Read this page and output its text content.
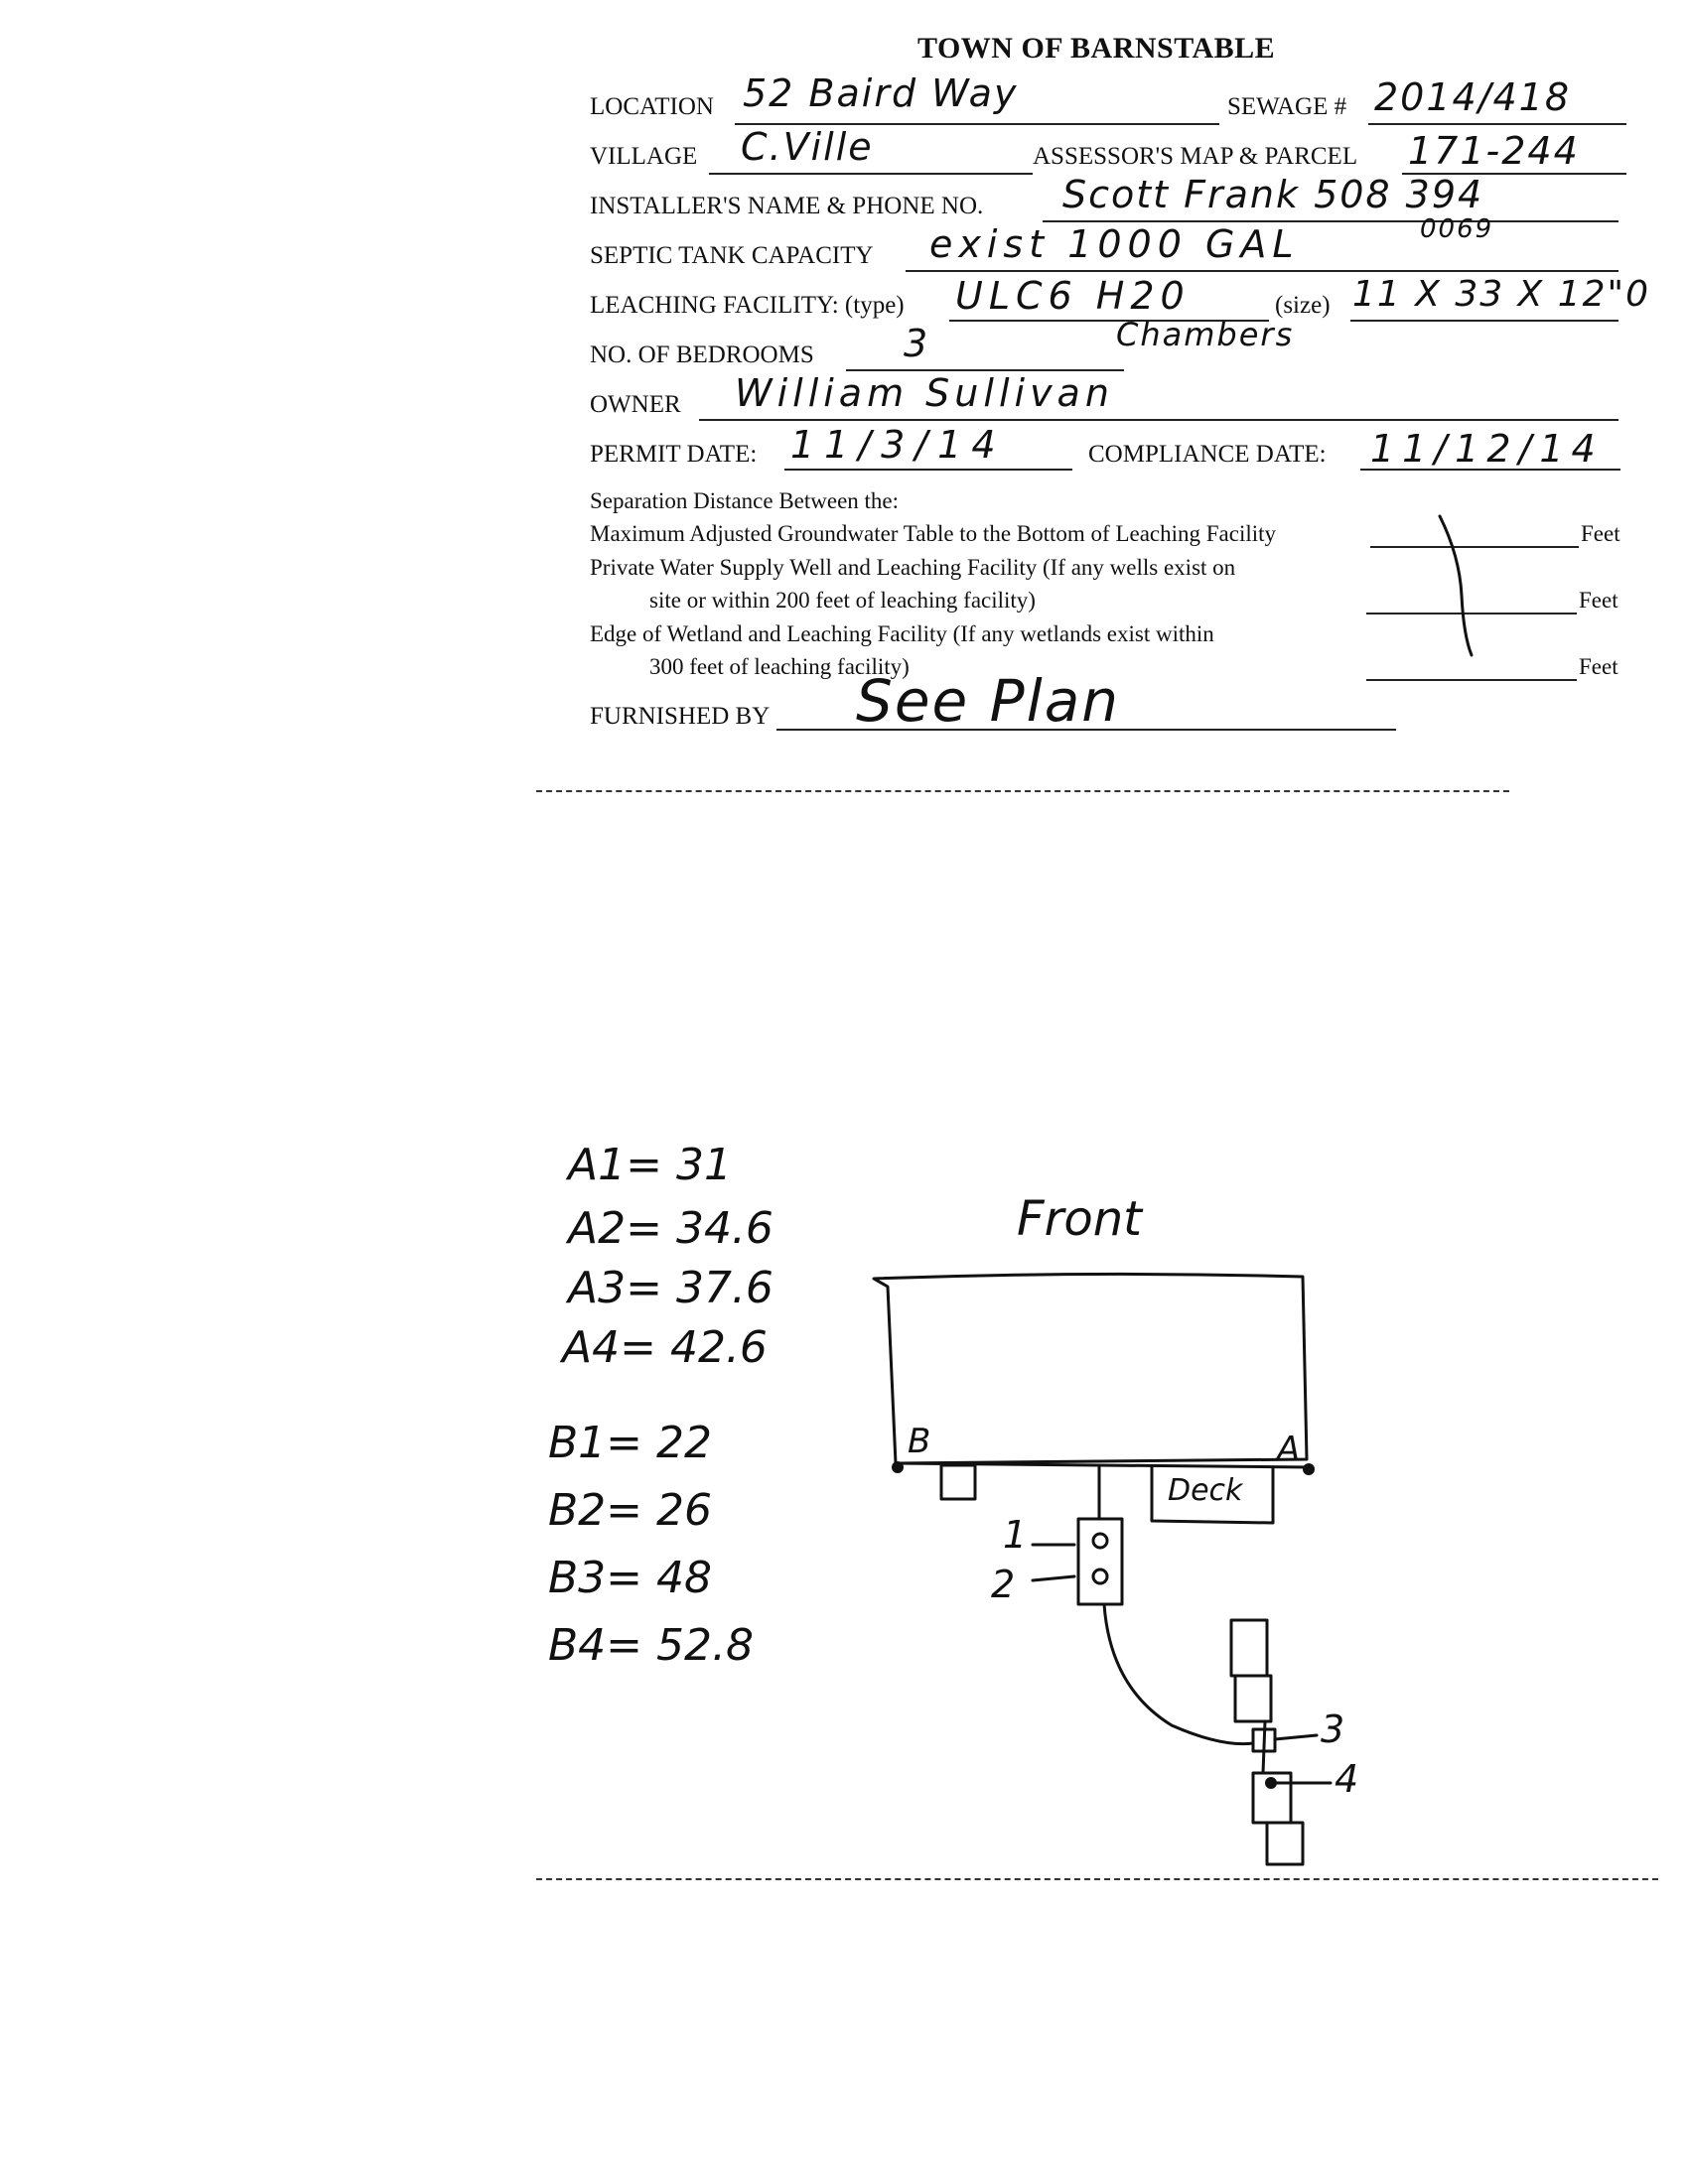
TOWN OF BARNSTABLE
LOCATION 52 Baird Way	SEWAGE # 2014/418
VILLAGE C.Ville	ASSESSOR'S MAP & PARCEL 171-244
INSTALLER'S NAME & PHONE NO. Scott Frank 508 394
0069
SEPTIC TANK CAPACITY exist 1000 GAL
LEACHING FACILITY: (type) ULC6 H20	(size) 11 X 33 X 12"0
NO. OF BEDROOMS 3	Chambers
OWNER William Sullivan
PERMIT DATE: 11/3/14	COMPLIANCE DATE: 11/12/14
Separation Distance Between the:
Maximum Adjusted Groundwater Table to the Bottom of Leaching Facility	Feet
Private Water Supply Well and Leaching Facility (If any wells exist on
site or within 200 feet of leaching facility)	Feet
Edge of Wetland and Leaching Facility (If any wetlands exist within
300 feet of leaching facility)	Feet
FURNISHED BY See Plan
A1= 31
A2= 34.6
A3= 37.6
A4= 42.6
B1= 22
B2= 26
B3= 48
B4= 52.8
Front
B	A
Deck
1
2
3
4
